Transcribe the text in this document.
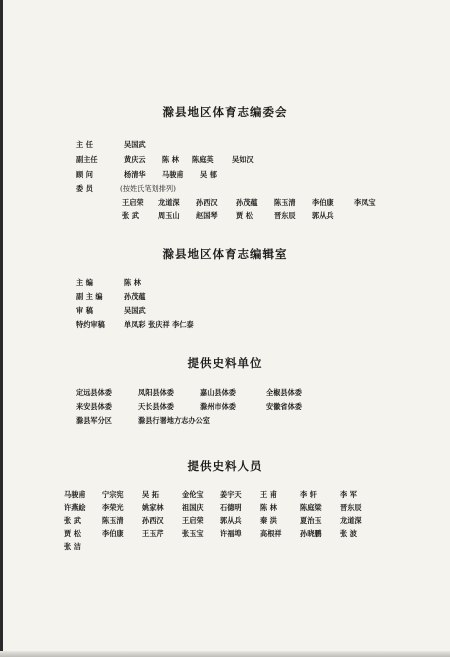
滁县地区体育志编委会
主 任	吴国武
副主任	黄庆云 陈 林 陈庭英	吴如汉
顾 问	杨清华 马骏甫 吴 郁
委 员	(按姓氏笔划排列)
王启荣 龙道深 孙西汉	孙茂蕴 陈玉清 李伯康	李凤宝
张 武	周玉山 赵国琴	贾 松	晋东辰 郭从兵
滁县地区体育志编辑室
主 编	陈 林
副 主 编	孙茂蕴
审 稿	吴国武
特约审稿	单凤彩 张庆祥 李仁泰
提供史料单位
定远县体委	凤阳县体委	嘉山县体委	全椒县体委
来安县体委	天长县体委	滁州市体委	安徽省体委
滁县军分区	滁县行署地方志办公室
提供史料人员
马骏甫 宁宗宪	吴 拓	金伦宝 姜宇天	王 甫	李 轩	李 军
许燕絵 李荣光	姚家林	祖国庆 石德明	陈 林	陈庭梁	晋东辰
张 武	陈玉清	孙西汉	王启荣 郭从兵	秦 洪	夏治玉	龙道深
贾 松	李伯康	王玉芹	张玉宝 许福埠	高根祥	孙晓鹏	张 波
张 洁
